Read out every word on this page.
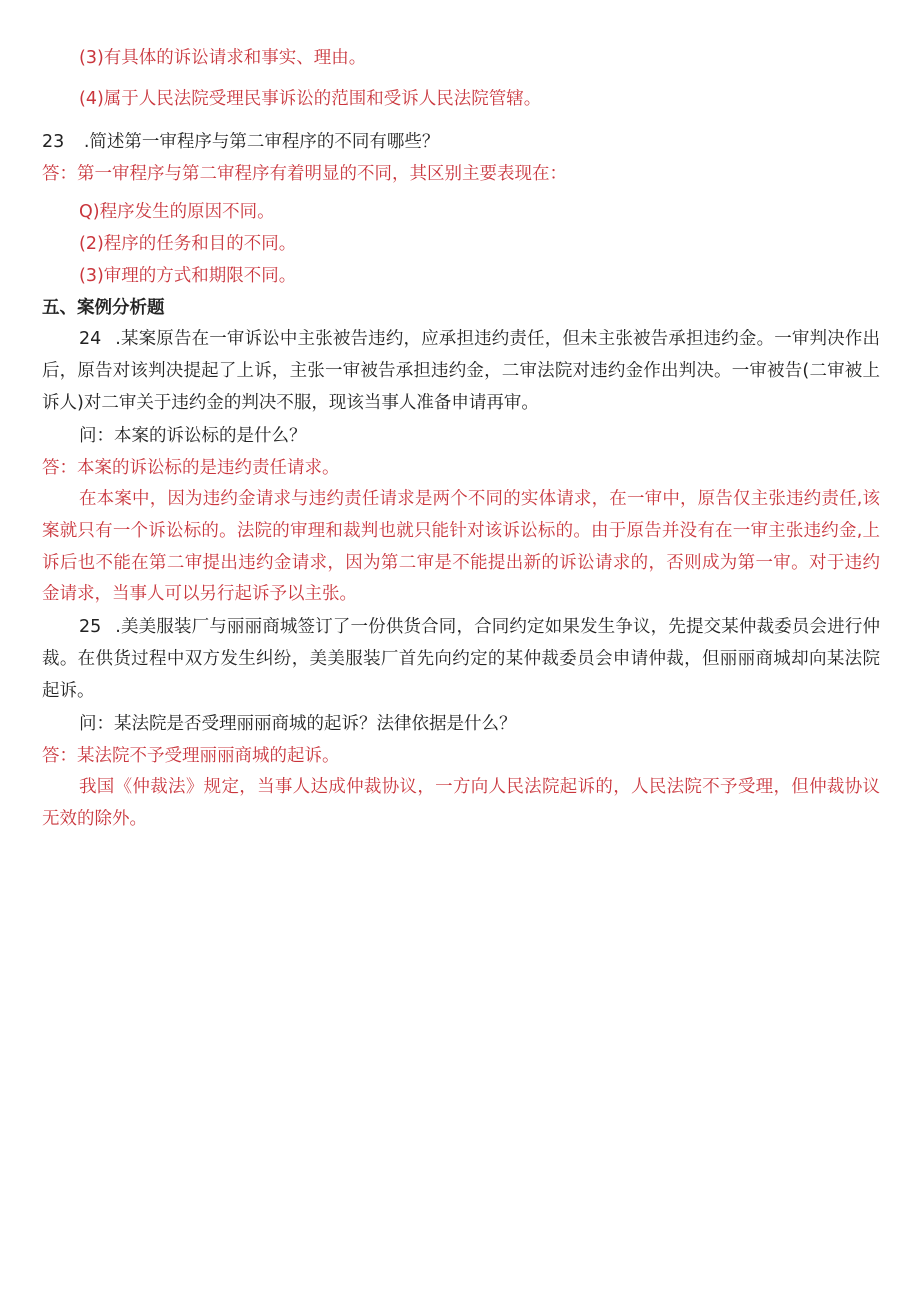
(3)有具体的诉讼请求和事实、理由。
(4)属于人民法院受理民事诉讼的范围和受诉人民法院管辖。
23 .简述第一审程序与第二审程序的不同有哪些？
答：第一审程序与第二审程序有着明显的不同，其区别主要表现在：
Q)程序发生的原因不同。
(2)程序的任务和目的不同。
(3)审理的方式和期限不同。
五、案例分析题
24 .某案原告在一审诉讼中主张被告违约，应承担违约责任，但未主张被告承担违约金。一审判决作出后，原告对该判决提起了上诉，主张一审被告承担违约金，二审法院对违约金作出判决。一审被告(二审被上诉人)对二审关于违约金的判决不服，现该当事人准备申请再审。
问：本案的诉讼标的是什么？
答：本案的诉讼标的是违约责任请求。
在本案中，因为违约金请求与违约责任请求是两个不同的实体请求，在一审中，原告仅主张违约责任,该案就只有一个诉讼标的。法院的审理和裁判也就只能针对该诉讼标的。由于原告并没有在一审主张违约金,上诉后也不能在第二审提出违约金请求，因为第二审是不能提出新的诉讼请求的，否则成为第一审。对于违约金请求，当事人可以另行起诉予以主张。
25 .美美服装厂与丽丽商城签订了一份供货合同，合同约定如果发生争议，先提交某仲裁委员会进行仲裁。在供货过程中双方发生纠纷，美美服装厂首先向约定的某仲裁委员会申请仲裁，但丽丽商城却向某法院起诉。
问：某法院是否受理丽丽商城的起诉？法律依据是什么？
答：某法院不予受理丽丽商城的起诉。
我国《仲裁法》规定，当事人达成仲裁协议，一方向人民法院起诉的，人民法院不予受理，但仲裁协议无效的除外。
